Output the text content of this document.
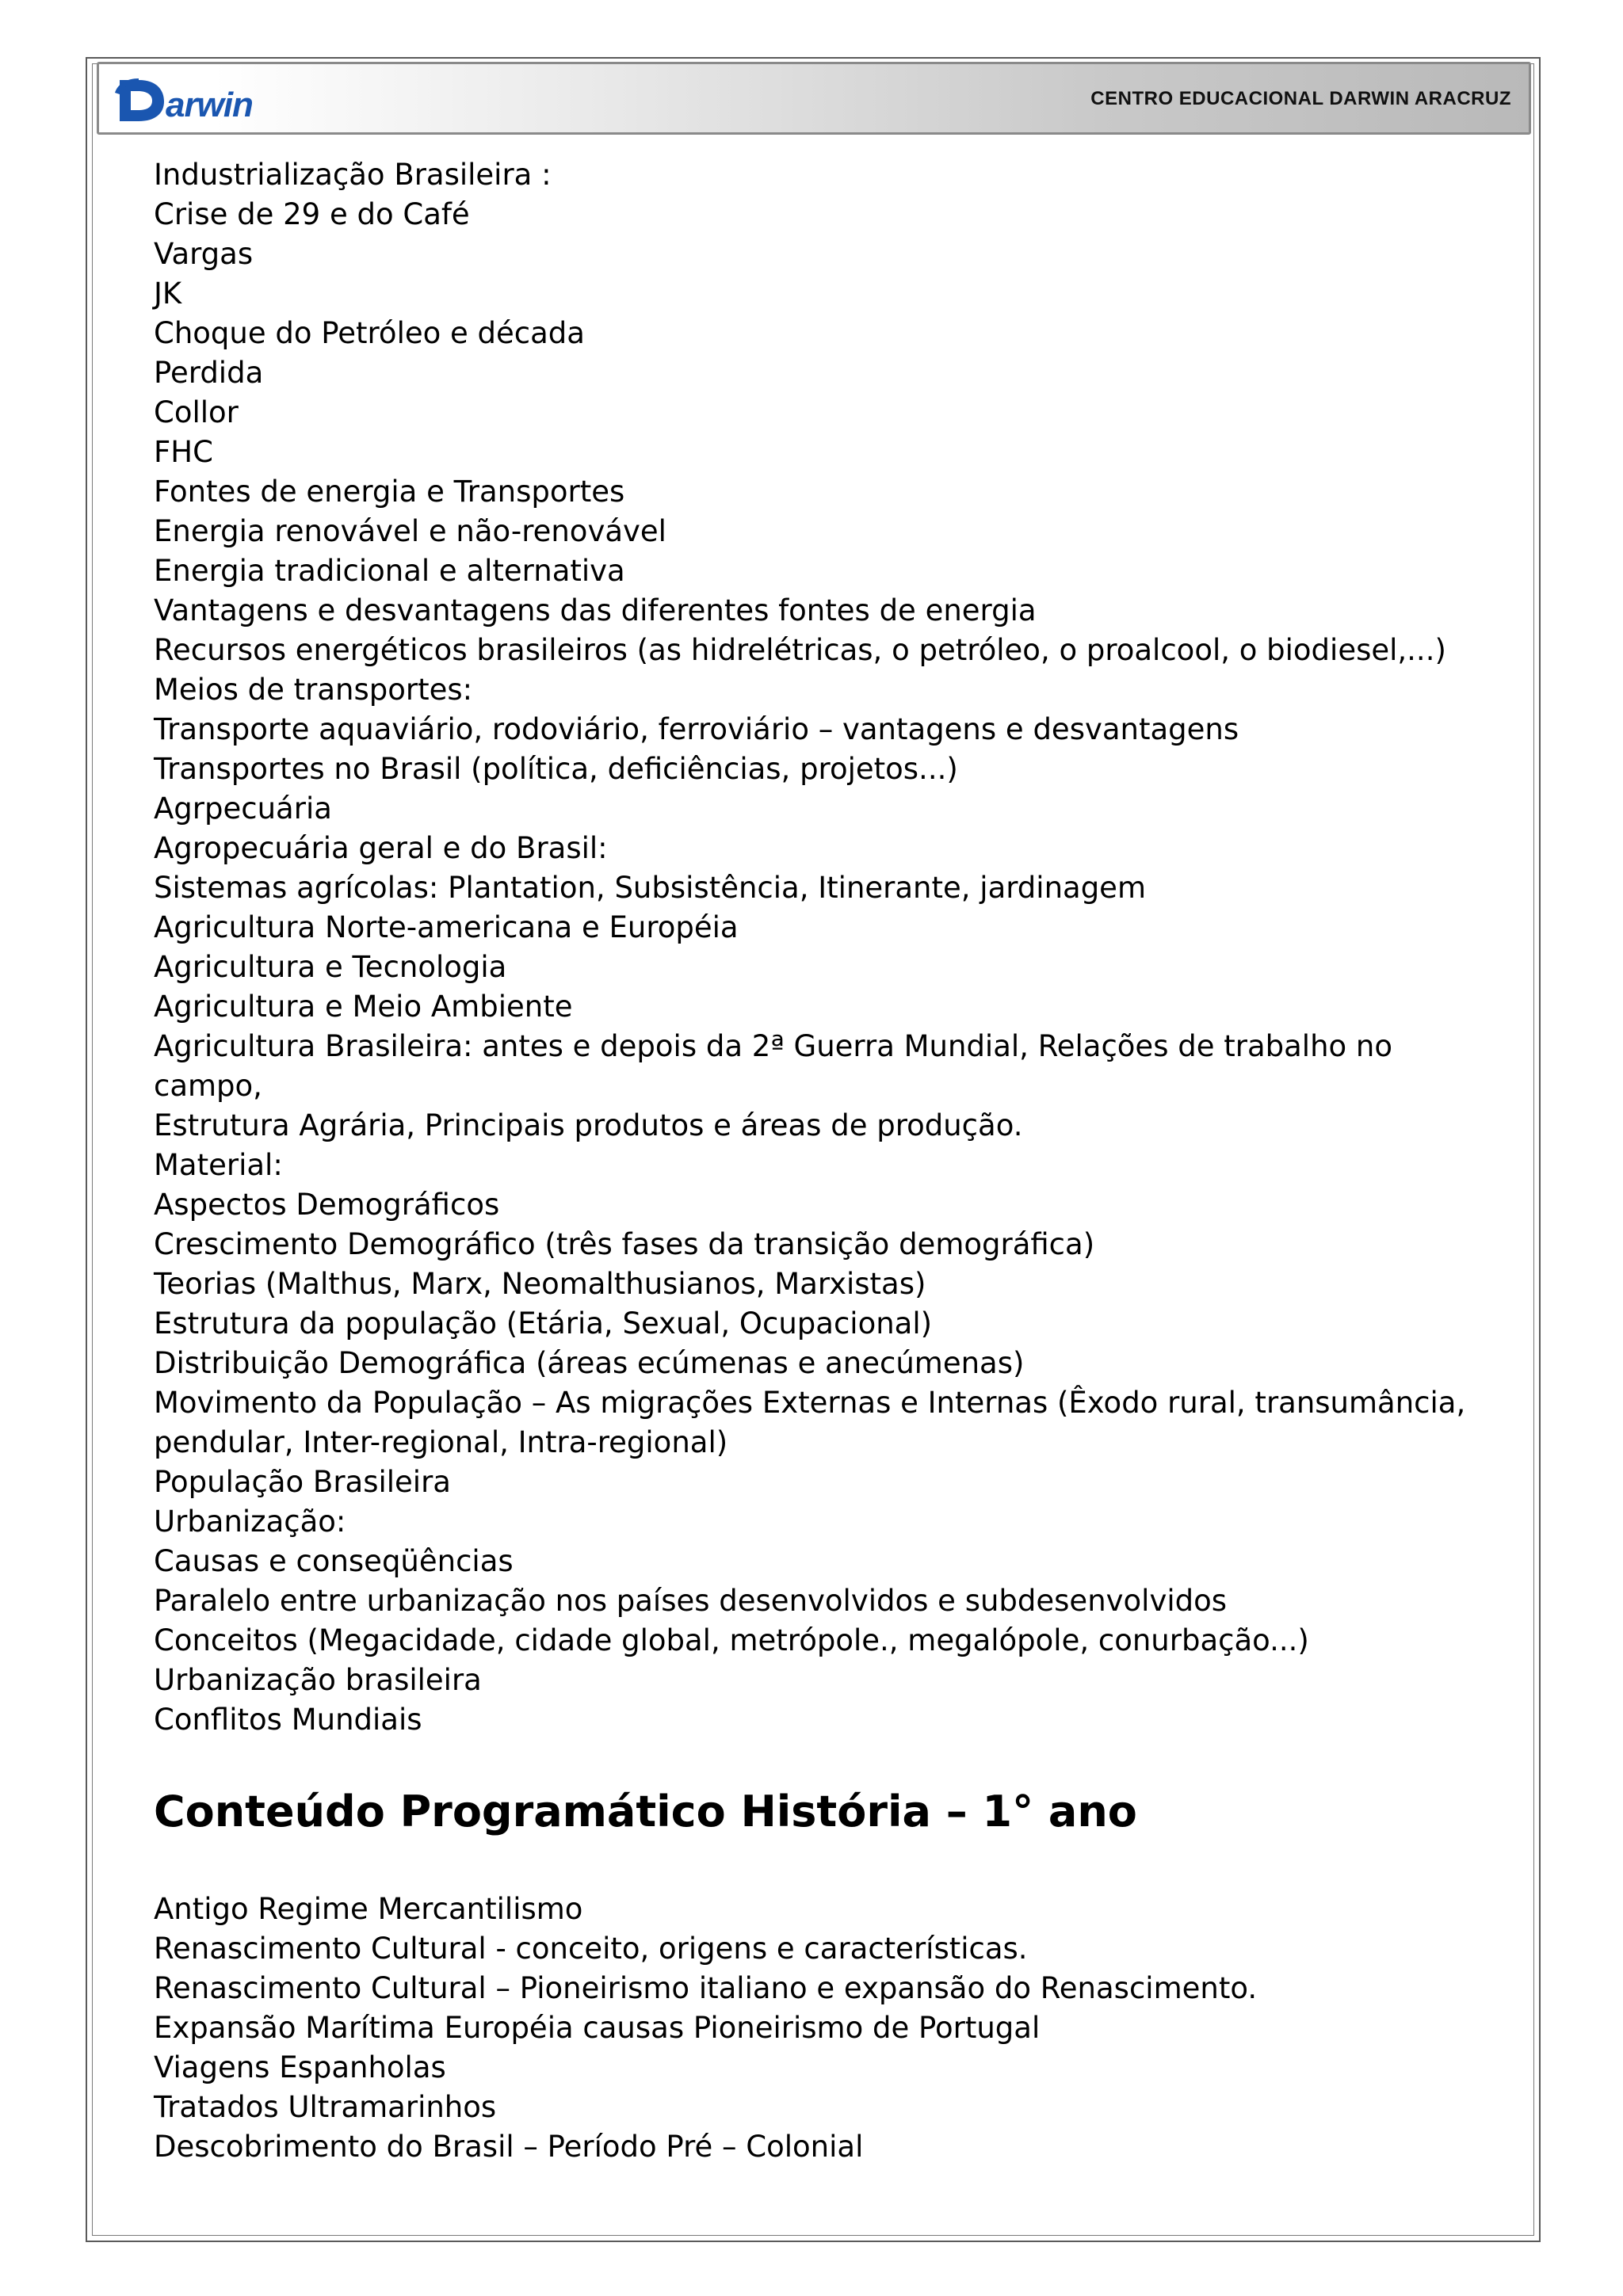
arwin	CENTRO EDUCACIONAL DARWIN ARACRUZ
Industrialização Brasileira :
Crise de 29 e do Café
Vargas
JK
Choque do Petróleo e década
Perdida
Collor
FHC
Fontes de energia e Transportes
Energia renovável e não-renovável
Energia tradicional e alternativa
Vantagens e desvantagens das diferentes fontes de energia
Recursos energéticos brasileiros (as hidrelétricas, o petróleo, o proalcool, o biodiesel,...)
Meios de transportes:
Transporte aquaviário, rodoviário, ferroviário – vantagens e desvantagens
Transportes no Brasil (política, deficiências, projetos...)
Agrpecuária
Agropecuária geral e do Brasil:
Sistemas agrícolas: Plantation, Subsistência, Itinerante, jardinagem
Agricultura Norte-americana e Européia
Agricultura e Tecnologia
Agricultura e Meio Ambiente
Agricultura Brasileira: antes e depois da 2ª Guerra Mundial, Relações de trabalho no
campo,
Estrutura Agrária, Principais produtos e áreas de produção.
Material:
Aspectos Demográficos
Crescimento Demográfico (três fases da transição demográfica)
Teorias (Malthus, Marx, Neomalthusianos, Marxistas)
Estrutura da população (Etária, Sexual, Ocupacional)
Distribuição Demográfica (áreas ecúmenas e anecúmenas)
Movimento da População – As migrações Externas e Internas (Êxodo rural, transumância,
pendular, Inter-regional, Intra-regional)
População Brasileira
Urbanização:
Causas e conseqüências
Paralelo entre urbanização nos países desenvolvidos e subdesenvolvidos
Conceitos (Megacidade, cidade global, metrópole., megalópole, conurbação...)
Urbanização brasileira
Conflitos Mundiais
Conteúdo Programático História – 1° ano
Antigo Regime Mercantilismo
Renascimento Cultural - conceito, origens e características.
Renascimento Cultural – Pioneirismo italiano e expansão do Renascimento.
Expansão Marítima Européia causas Pioneirismo de Portugal
Viagens Espanholas
Tratados Ultramarinhos
Descobrimento do Brasil – Período Pré – Colonial
